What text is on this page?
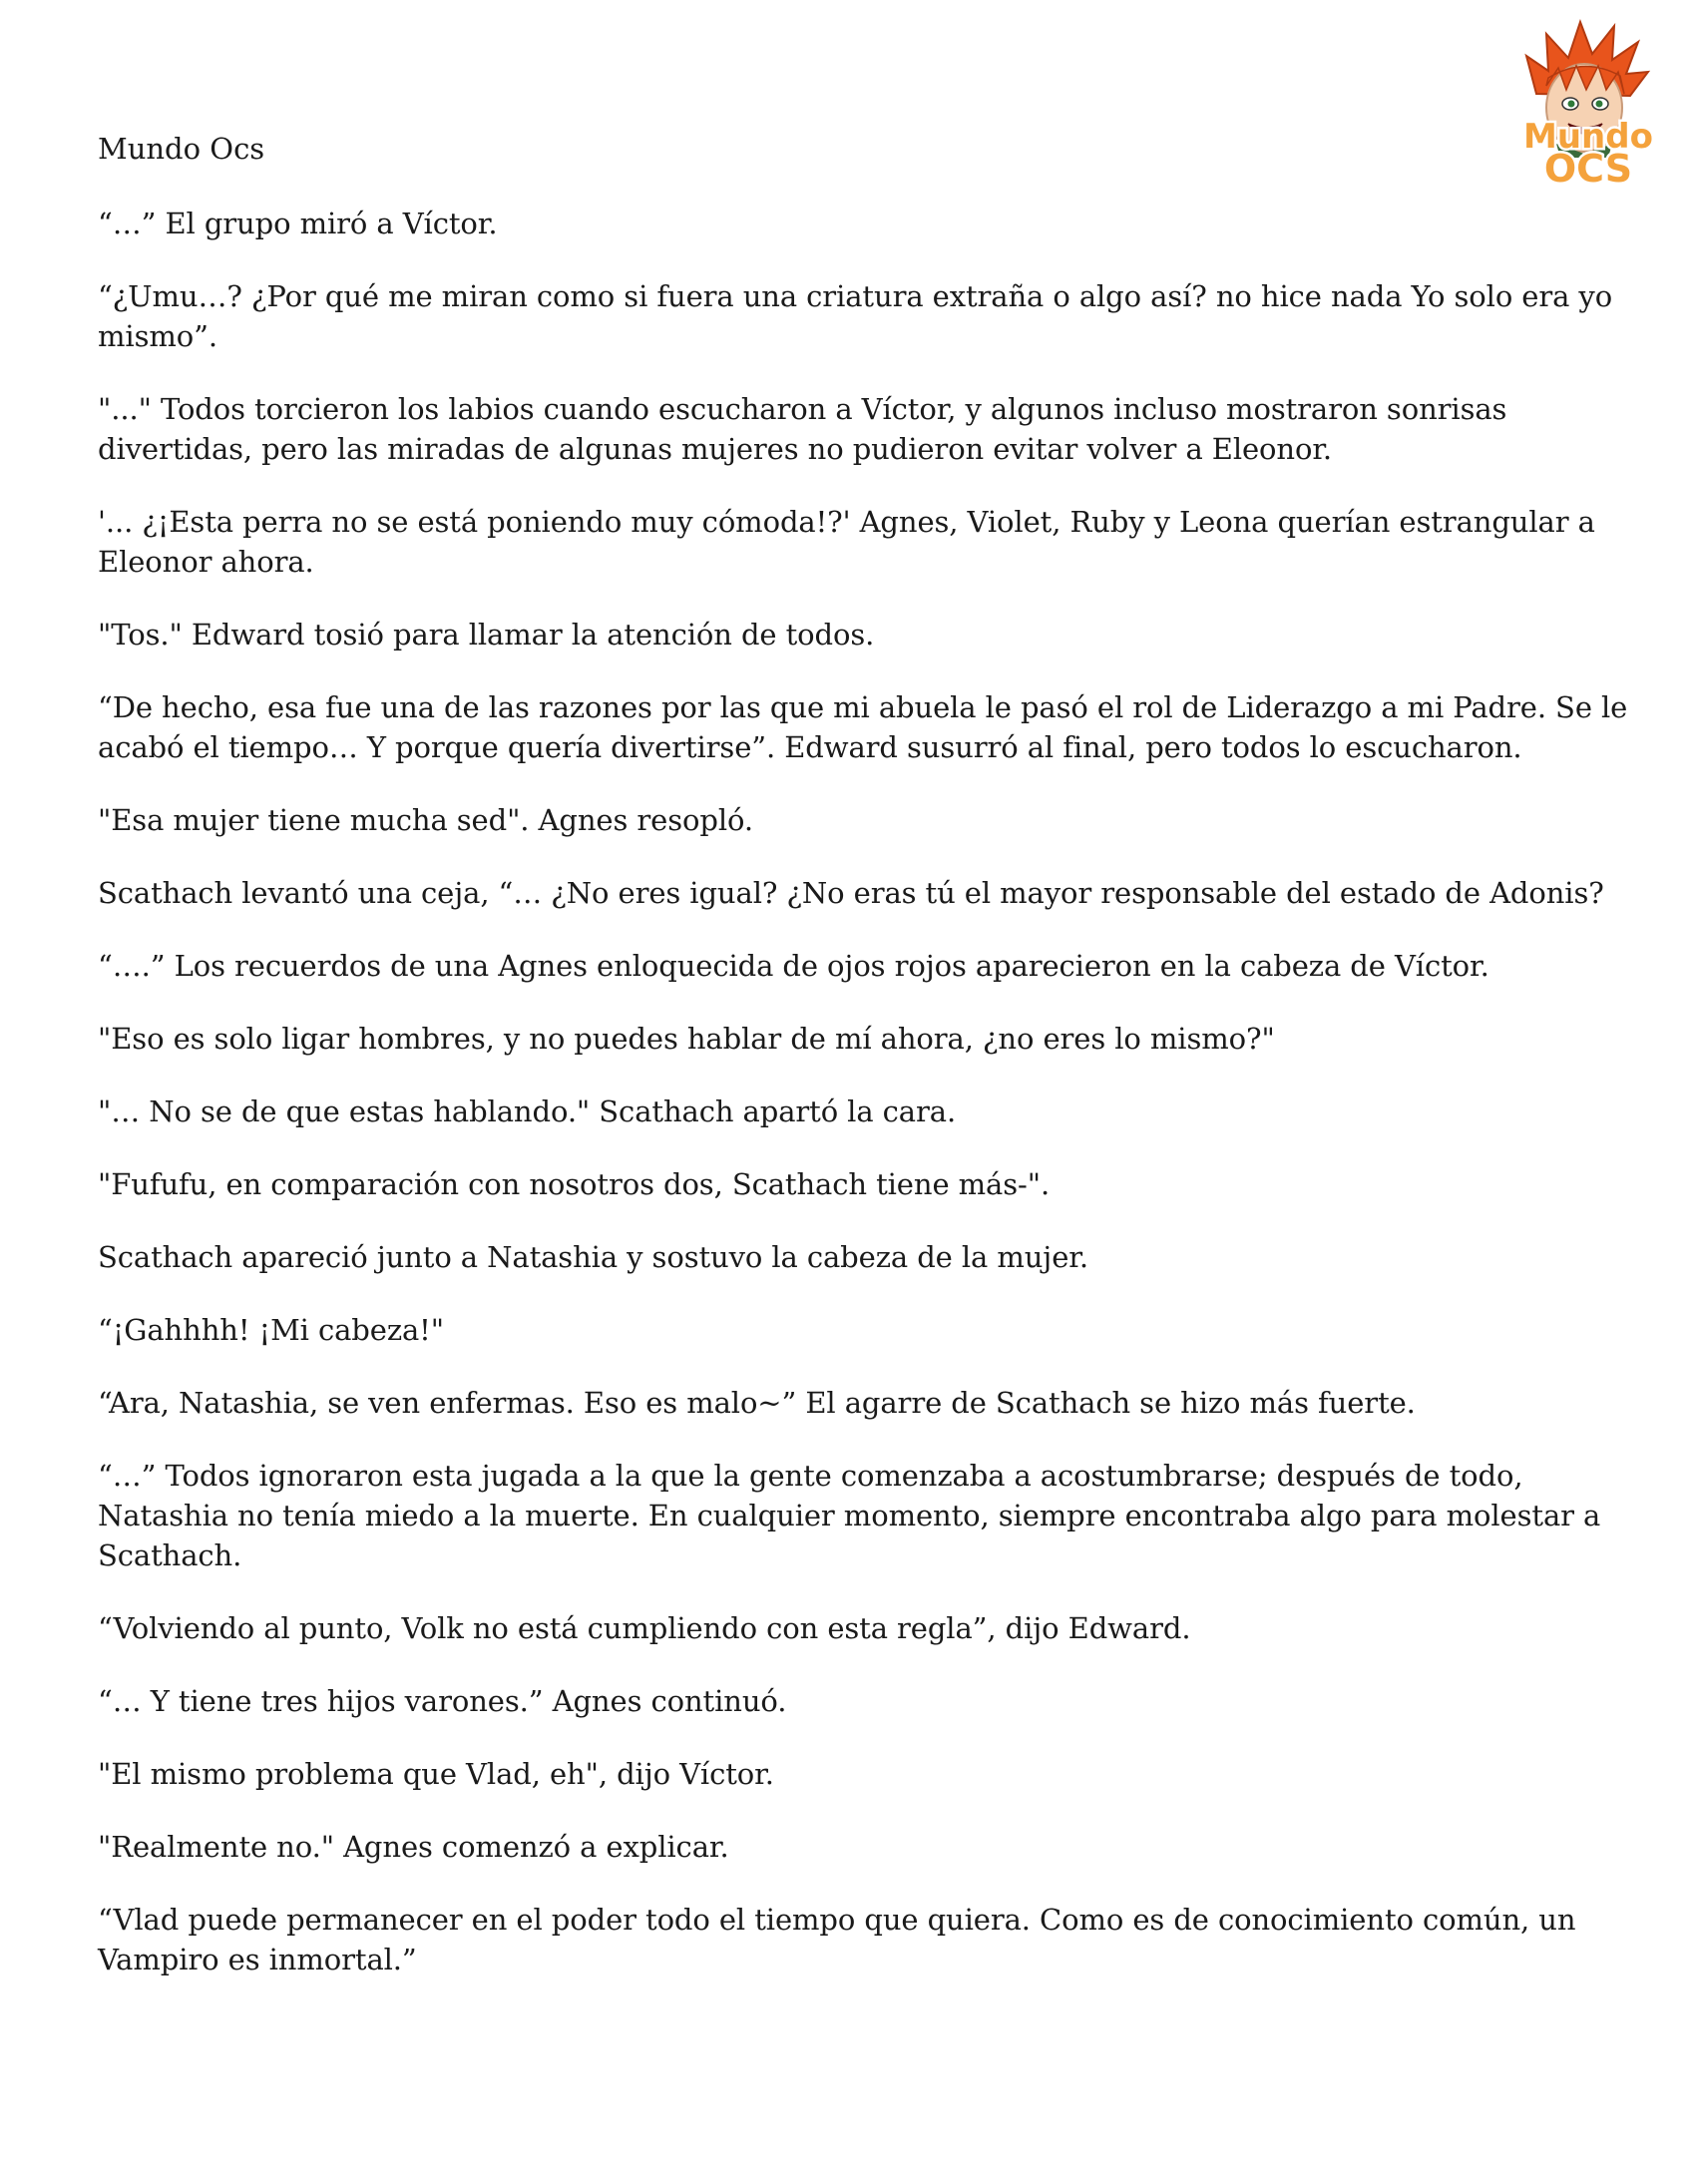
Mundo Ocs	Mundo
OCS

“…” El grupo miró a Víctor.

“¿Umu…? ¿Por qué me miran como si fuera una criatura extraña o algo así? no hice nada Yo solo era yo mismo”.

"..." Todos torcieron los labios cuando escucharon a Víctor, y algunos incluso mostraron sonrisas divertidas, pero las miradas de algunas mujeres no pudieron evitar volver a Eleonor.

'... ¿¡Esta perra no se está poniendo muy cómoda!?' Agnes, Violet, Ruby y Leona querían estrangular a Eleonor ahora.

"Tos." Edward tosió para llamar la atención de todos.

“De hecho, esa fue una de las razones por las que mi abuela le pasó el rol de Liderazgo a mi Padre. Se le acabó el tiempo… Y porque quería divertirse”. Edward susurró al final, pero todos lo escucharon.

"Esa mujer tiene mucha sed". Agnes resopló.

Scathach levantó una ceja, “… ¿No eres igual? ¿No eras tú el mayor responsable del estado de Adonis?

“….” Los recuerdos de una Agnes enloquecida de ojos rojos aparecieron en la cabeza de Víctor.

"Eso es solo ligar hombres, y no puedes hablar de mí ahora, ¿no eres lo mismo?"

"… No se de que estas hablando." Scathach apartó la cara.

"Fufufu, en comparación con nosotros dos, Scathach tiene más-".

Scathach apareció junto a Natashia y sostuvo la cabeza de la mujer.

“¡Gahhhh! ¡Mi cabeza!"

“Ara, Natashia, se ven enfermas. Eso es malo~” El agarre de Scathach se hizo más fuerte.

“…” Todos ignoraron esta jugada a la que la gente comenzaba a acostumbrarse; después de todo, Natashia no tenía miedo a la muerte. En cualquier momento, siempre encontraba algo para molestar a Scathach.

“Volviendo al punto, Volk no está cumpliendo con esta regla”, dijo Edward.

“… Y tiene tres hijos varones.” Agnes continuó.

"El mismo problema que Vlad, eh", dijo Víctor.

"Realmente no." Agnes comenzó a explicar.

“Vlad puede permanecer en el poder todo el tiempo que quiera. Como es de conocimiento común, un Vampiro es inmortal.”
